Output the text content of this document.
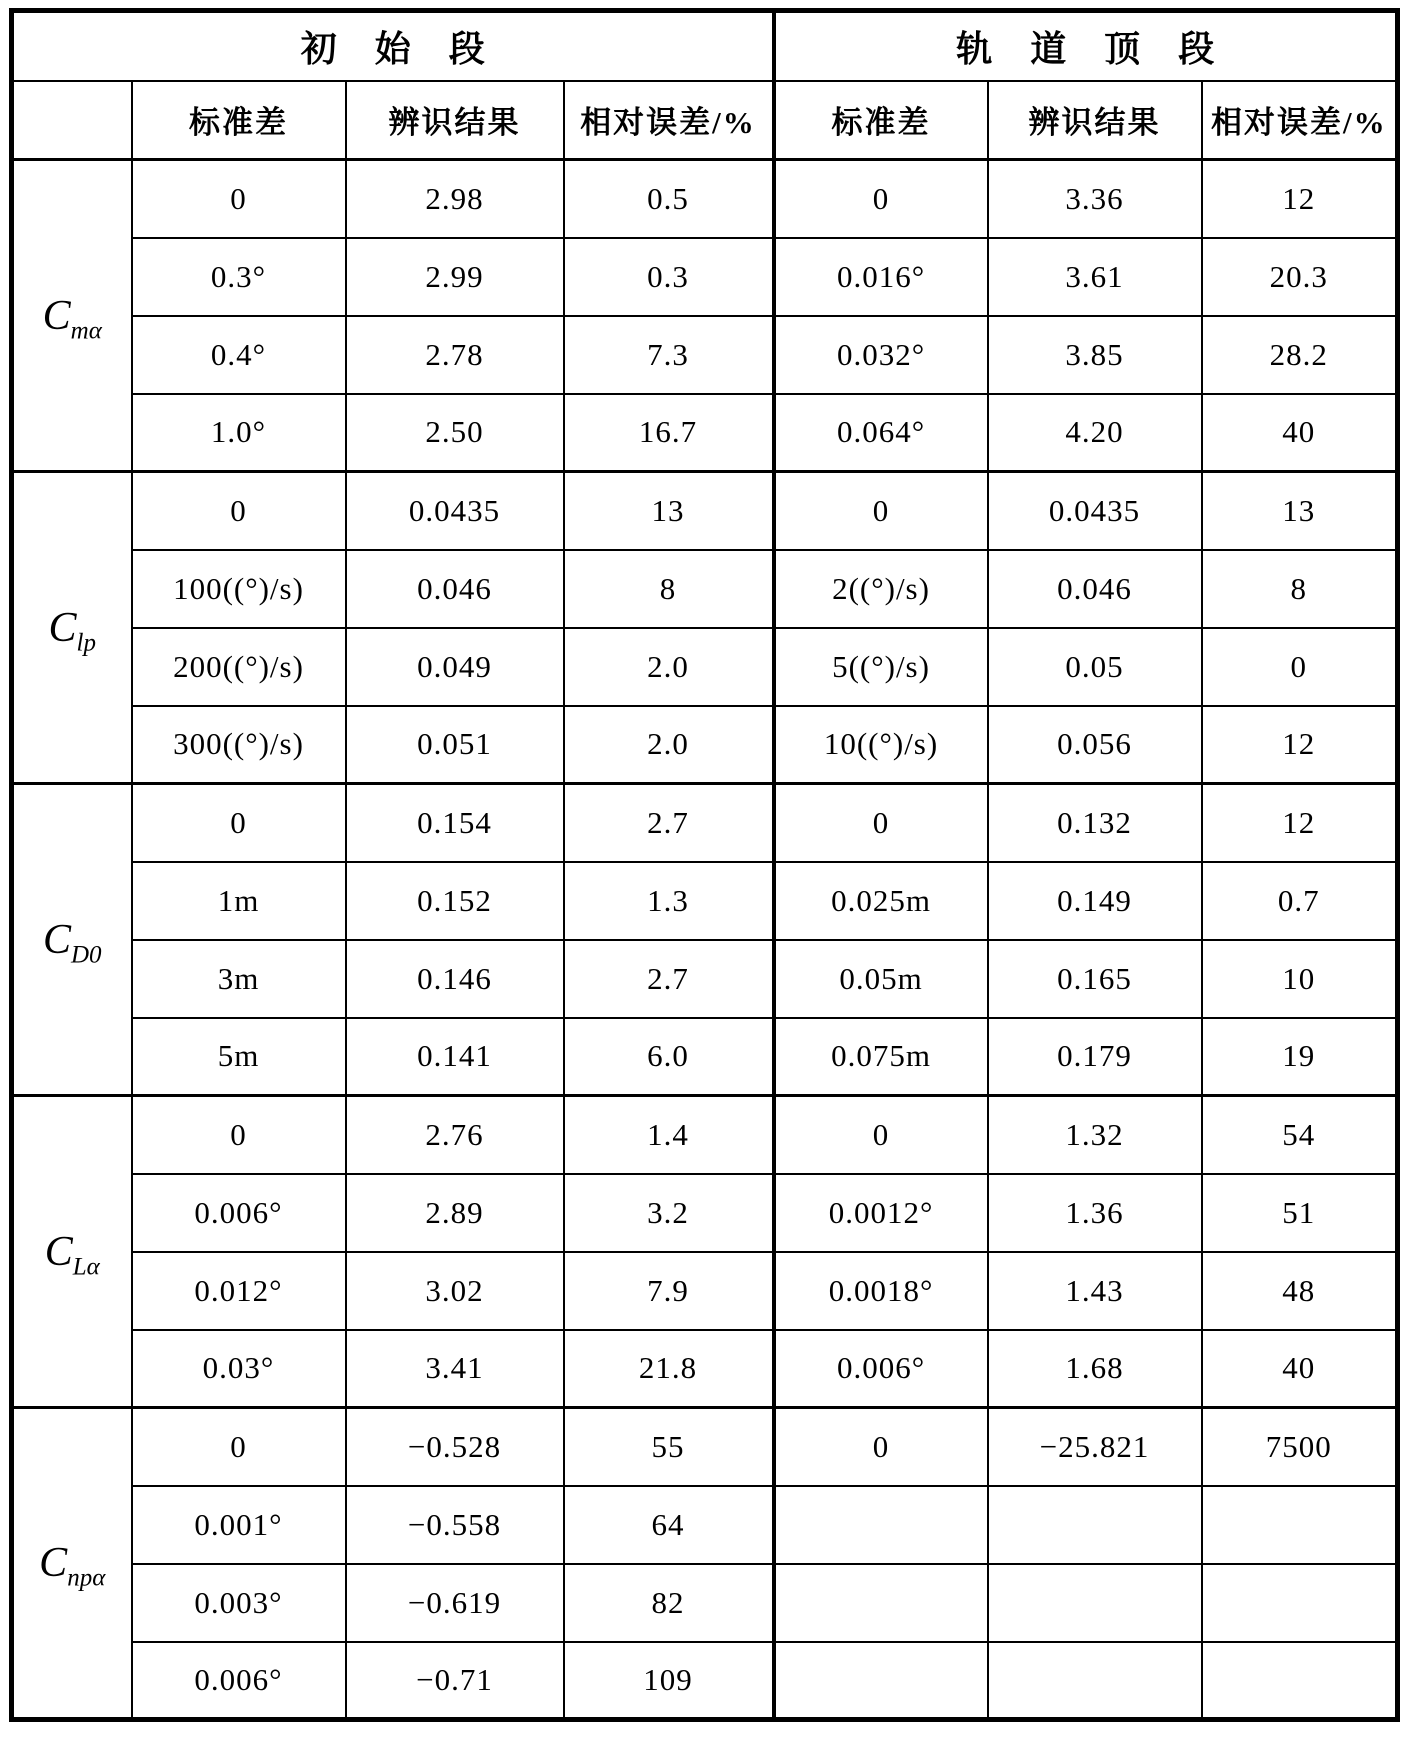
初始段				轨道顶段		
	标准差	辨识结果	相对误差/%	标准差	辨识结果	相对误差/%
$C_{m\alpha}$	0	2.98	0.5	0	3.36	12
	0.3°	2.99	0.3	0.016°	3.61	20.3
	0.4°	2.78	7.3	0.032°	3.85	28.2
	1.0°	2.50	16.7	0.064°	4.20	40
$C_{lp}$	0	0.0435	13	0	0.0435	13
	100((°)/s)	0.046	8	2((°)/s)	0.046	8
	200((°)/s)	0.049	2.0	5((°)/s)	0.05	0
	300((°)/s)	0.051	2.0	10((°)/s)	0.056	12
$C_{D0}$	0	0.154	2.7	0	0.132	12
	1m	0.152	1.3	0.025m	0.149	0.7
	3m	0.146	2.7	0.05m	0.165	10
	5m	0.141	6.0	0.075m	0.179	19
$C_{L\alpha}$	0	2.76	1.4	0	1.32	54
	0.006°	2.89	3.2	0.0012°	1.36	51
	0.012°	3.02	7.9	0.0018°	1.43	48
	0.03°	3.41	21.8	0.006°	1.68	40
$C_{np\alpha}$	0	−0.528	55	0	−25.821	7500
	0.001°	−0.558	64			
	0.003°	−0.619	82			
	0.006°	−0.71	109			
